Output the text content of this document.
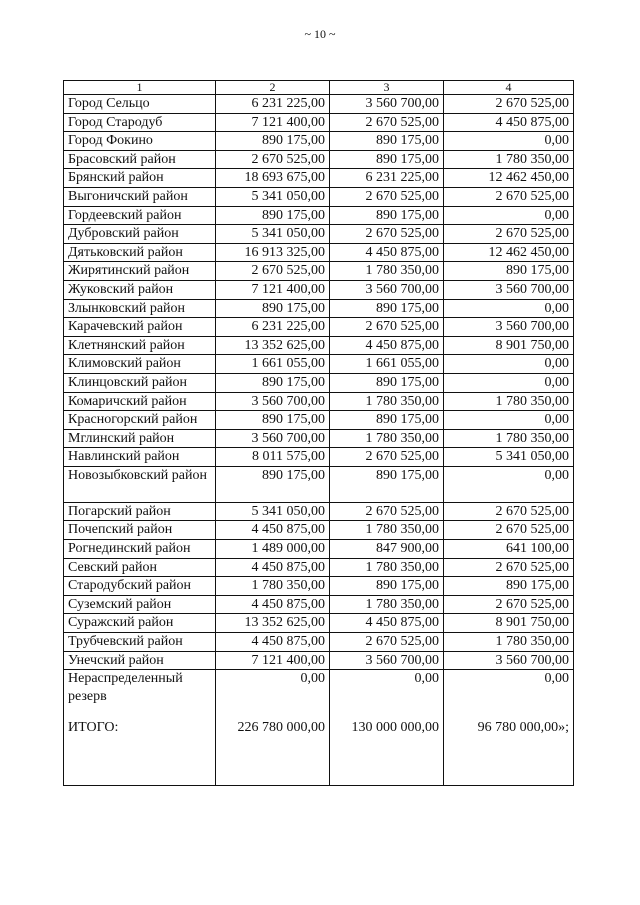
~ 10 ~
1	2	3	4
Город Сельцо	6 231 225,00	3 560 700,00	2 670 525,00
Город Стародуб	7 121 400,00	2 670 525,00	4 450 875,00
Город Фокино	890 175,00	890 175,00	0,00
Брасовский район	2 670 525,00	890 175,00	1 780 350,00
Брянский район	18 693 675,00	6 231 225,00	12 462 450,00
Выгоничский район	5 341 050,00	2 670 525,00	2 670 525,00
Гордеевский район	890 175,00	890 175,00	0,00
Дубровский район	5 341 050,00	2 670 525,00	2 670 525,00
Дятьковский район	16 913 325,00	4 450 875,00	12 462 450,00
Жирятинский район	2 670 525,00	1 780 350,00	890 175,00
Жуковский район	7 121 400,00	3 560 700,00	3 560 700,00
Злынковский район	890 175,00	890 175,00	0,00
Карачевский район	6 231 225,00	2 670 525,00	3 560 700,00
Клетнянский район	13 352 625,00	4 450 875,00	8 901 750,00
Климовский район	1 661 055,00	1 661 055,00	0,00
Клинцовский район	890 175,00	890 175,00	0,00
Комаричский район	3 560 700,00	1 780 350,00	1 780 350,00
Красногорский район	890 175,00	890 175,00	0,00
Мглинский район	3 560 700,00	1 780 350,00	1 780 350,00
Навлинский район	8 011 575,00	2 670 525,00	5 341 050,00
Новозыбковский район	890 175,00	890 175,00	0,00
Погарский район	5 341 050,00	2 670 525,00	2 670 525,00
Почепский район	4 450 875,00	1 780 350,00	2 670 525,00
Рогнединский район	1 489 000,00	847 900,00	641 100,00
Севский район	4 450 875,00	1 780 350,00	2 670 525,00
Стародубский район	1 780 350,00	890 175,00	890 175,00
Суземский район	4 450 875,00	1 780 350,00	2 670 525,00
Суражский район	13 352 625,00	4 450 875,00	8 901 750,00
Трубчевский район	4 450 875,00	2 670 525,00	1 780 350,00
Унечский район	7 121 400,00	3 560 700,00	3 560 700,00
Нераспределенный резерв	0,00	0,00	0,00

ИТОГО:	226 780 000,00	130 000 000,00	96 780 000,00»;
